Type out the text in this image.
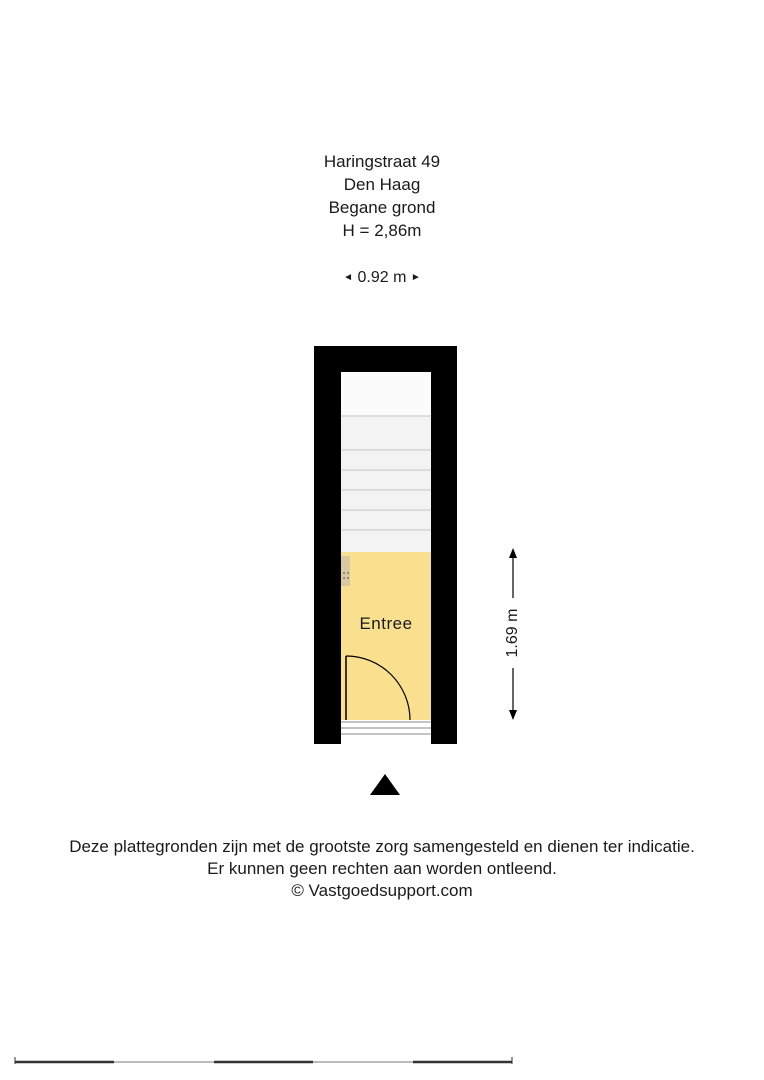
Haringstraat 49
Den Haag
Begane grond
H = 2,86m
◄ 0.92 m ►
Entree	1.69 m
Deze plattegronden zijn met de grootste zorg samengesteld en dienen ter indicatie.
Er kunnen geen rechten aan worden ontleend.
© Vastgoedsupport.com
